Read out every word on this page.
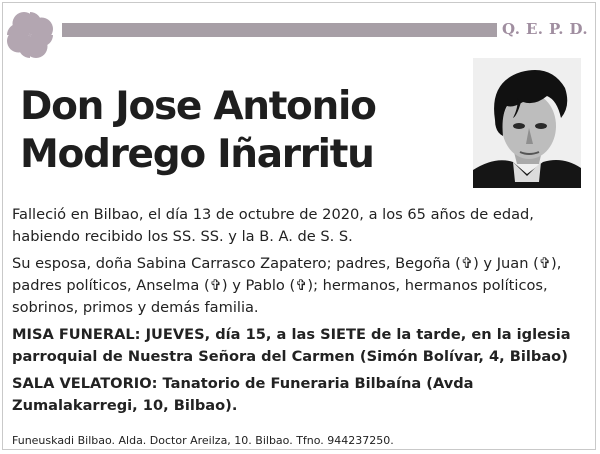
Q. E. P. D.
Don Jose Antonio
Modrego Iñarritu

Falleció en Bilbao, el día 13 de octubre de 2020, a los 65 años de edad, habiendo recibido los SS. SS. y la B. A. de S. S.

Su esposa, doña Sabina Carrasco Zapatero; padres, Begoña (✞) y Juan (✞), padres políticos, Anselma (✞) y Pablo (✞); hermanos, hermanos políticos, sobrinos, primos y demás familia.

MISA FUNERAL: JUEVES, día 15, a las SIETE de la tarde, en la iglesia parroquial de Nuestra Señora del Carmen (Simón Bolívar, 4, Bilbao)

SALA VELATORIO: Tanatorio de Funeraria Bilbaína (Avda Zumalakarregi, 10, Bilbao).

Funeuskadi Bilbao. Alda. Doctor Areilza, 10. Bilbao. Tfno. 944237250.
